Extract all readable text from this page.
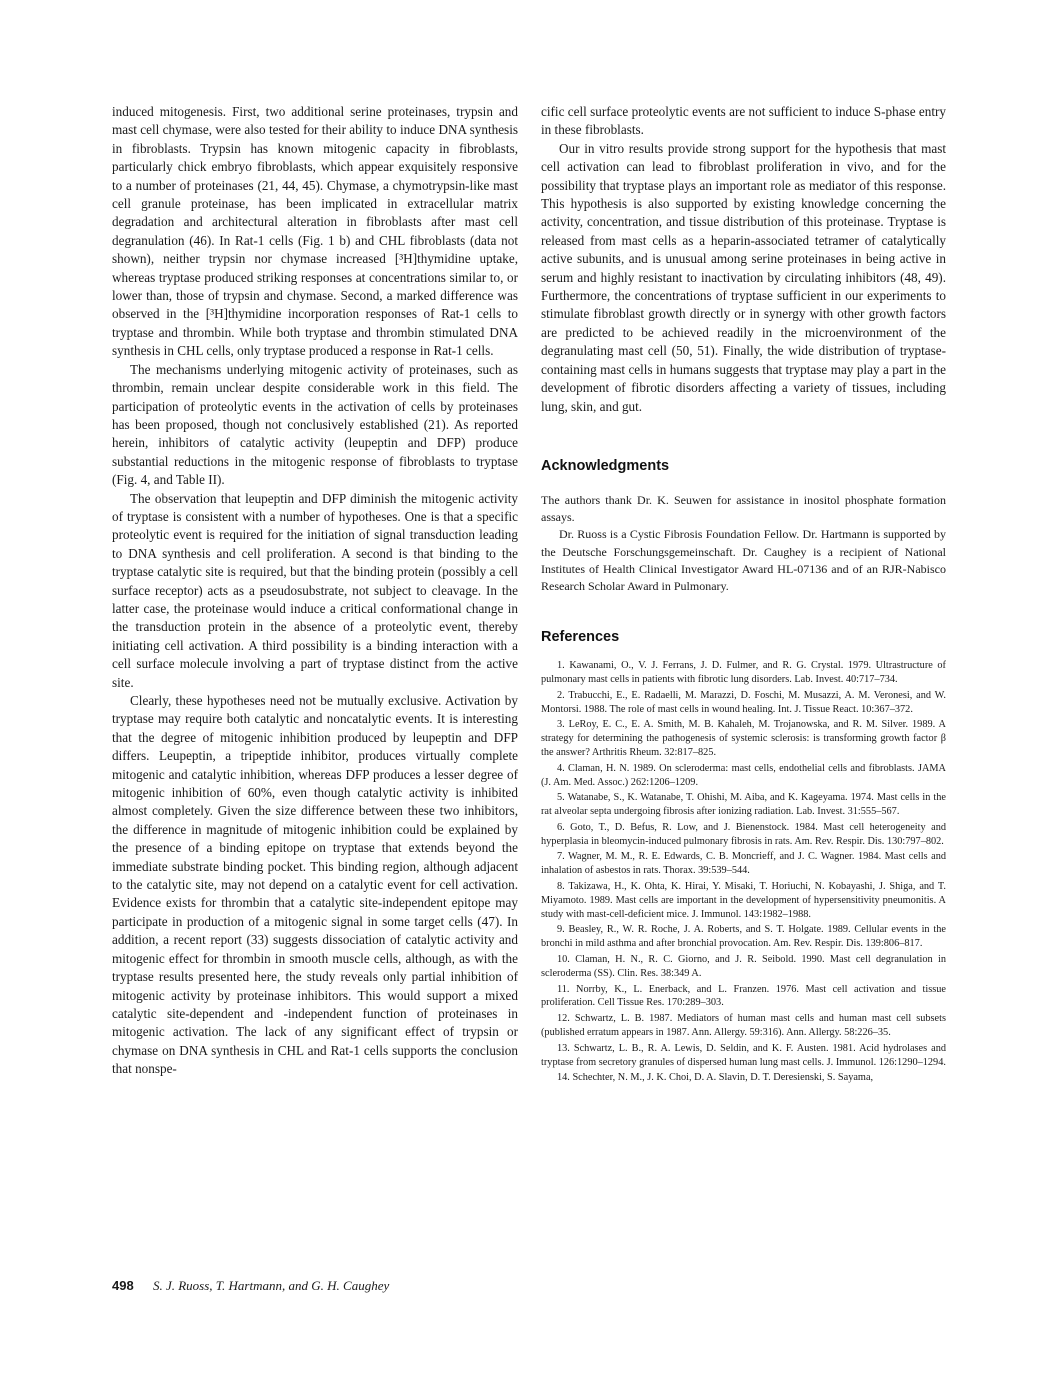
induced mitogenesis. First, two additional serine proteinases, trypsin and mast cell chymase, were also tested for their ability to induce DNA synthesis in fibroblasts. Trypsin has known mitogenic capacity in fibroblasts, particularly chick embryo fibroblasts, which appear exquisitely responsive to a number of proteinases (21, 44, 45). Chymase, a chymotrypsin-like mast cell granule proteinase, has been implicated in extracellular matrix degradation and architectural alteration in fibroblasts after mast cell degranulation (46). In Rat-1 cells (Fig. 1 b) and CHL fibroblasts (data not shown), neither trypsin nor chymase increased [³H]thymidine uptake, whereas tryptase produced striking responses at concentrations similar to, or lower than, those of trypsin and chymase. Second, a marked difference was observed in the [³H]thymidine incorporation responses of Rat-1 cells to tryptase and thrombin. While both tryptase and thrombin stimulated DNA synthesis in CHL cells, only tryptase produced a response in Rat-1 cells.

The mechanisms underlying mitogenic activity of proteinases, such as thrombin, remain unclear despite considerable work in this field. The participation of proteolytic events in the activation of cells by proteinases has been proposed, though not conclusively established (21). As reported herein, inhibitors of catalytic activity (leupeptin and DFP) produce substantial reductions in the mitogenic response of fibroblasts to tryptase (Fig. 4, and Table II).

The observation that leupeptin and DFP diminish the mitogenic activity of tryptase is consistent with a number of hypotheses. One is that a specific proteolytic event is required for the initiation of signal transduction leading to DNA synthesis and cell proliferation. A second is that binding to the tryptase catalytic site is required, but that the binding protein (possibly a cell surface receptor) acts as a pseudosubstrate, not subject to cleavage. In the latter case, the proteinase would induce a critical conformational change in the transduction protein in the absence of a proteolytic event, thereby initiating cell activation. A third possibility is a binding interaction with a cell surface molecule involving a part of tryptase distinct from the active site.

Clearly, these hypotheses need not be mutually exclusive. Activation by tryptase may require both catalytic and noncatalytic events. It is interesting that the degree of mitogenic inhibition produced by leupeptin and DFP differs. Leupeptin, a tripeptide inhibitor, produces virtually complete mitogenic and catalytic inhibition, whereas DFP produces a lesser degree of mitogenic inhibition of 60%, even though catalytic activity is inhibited almost completely. Given the size difference between these two inhibitors, the difference in magnitude of mitogenic inhibition could be explained by the presence of a binding epitope on tryptase that extends beyond the immediate substrate binding pocket. This binding region, although adjacent to the catalytic site, may not depend on a catalytic event for cell activation. Evidence exists for thrombin that a catalytic site-independent epitope may participate in production of a mitogenic signal in some target cells (47). In addition, a recent report (33) suggests dissociation of catalytic activity and mitogenic effect for thrombin in smooth muscle cells, although, as with the tryptase results presented here, the study reveals only partial inhibition of mitogenic activity by proteinase inhibitors. This would support a mixed catalytic site-dependent and -independent function of proteinases in mitogenic activation. The lack of any significant effect of trypsin or chymase on DNA synthesis in CHL and Rat-1 cells supports the conclusion that nonspe-

cific cell surface proteolytic events are not sufficient to induce S-phase entry in these fibroblasts.

Our in vitro results provide strong support for the hypothesis that mast cell activation can lead to fibroblast proliferation in vivo, and for the possibility that tryptase plays an important role as mediator of this response. This hypothesis is also supported by existing knowledge concerning the activity, concentration, and tissue distribution of this proteinase. Tryptase is released from mast cells as a heparin-associated tetramer of catalytically active subunits, and is unusual among serine proteinases in being active in serum and highly resistant to inactivation by circulating inhibitors (48, 49). Furthermore, the concentrations of tryptase sufficient in our experiments to stimulate fibroblast growth directly or in synergy with other growth factors are predicted to be achieved readily in the microenvironment of the degranulating mast cell (50, 51). Finally, the wide distribution of tryptase-containing mast cells in humans suggests that tryptase may play a part in the development of fibrotic disorders affecting a variety of tissues, including lung, skin, and gut.

Acknowledgments

The authors thank Dr. K. Seuwen for assistance in inositol phosphate formation assays.

Dr. Ruoss is a Cystic Fibrosis Foundation Fellow. Dr. Hartmann is supported by the Deutsche Forschungsgemeinschaft. Dr. Caughey is a recipient of National Institutes of Health Clinical Investigator Award HL-07136 and of an RJR-Nabisco Research Scholar Award in Pulmonary.

References

1. Kawanami, O., V. J. Ferrans, J. D. Fulmer, and R. G. Crystal. 1979. Ultrastructure of pulmonary mast cells in patients with fibrotic lung disorders. Lab. Invest. 40:717–734.

2. Trabucchi, E., E. Radaelli, M. Marazzi, D. Foschi, M. Musazzi, A. M. Veronesi, and W. Montorsi. 1988. The role of mast cells in wound healing. Int. J. Tissue React. 10:367–372.

3. LeRoy, E. C., E. A. Smith, M. B. Kahaleh, M. Trojanowska, and R. M. Silver. 1989. A strategy for determining the pathogenesis of systemic sclerosis: is transforming growth factor β the answer? Arthritis Rheum. 32:817–825.

4. Claman, H. N. 1989. On scleroderma: mast cells, endothelial cells and fibroblasts. JAMA (J. Am. Med. Assoc.) 262:1206–1209.

5. Watanabe, S., K. Watanabe, T. Ohishi, M. Aiba, and K. Kageyama. 1974. Mast cells in the rat alveolar septa undergoing fibrosis after ionizing radiation. Lab. Invest. 31:555–567.

6. Goto, T., D. Befus, R. Low, and J. Bienenstock. 1984. Mast cell heterogeneity and hyperplasia in bleomycin-induced pulmonary fibrosis in rats. Am. Rev. Respir. Dis. 130:797–802.

7. Wagner, M. M., R. E. Edwards, C. B. Moncrieff, and J. C. Wagner. 1984. Mast cells and inhalation of asbestos in rats. Thorax. 39:539–544.

8. Takizawa, H., K. Ohta, K. Hirai, Y. Misaki, T. Horiuchi, N. Kobayashi, J. Shiga, and T. Miyamoto. 1989. Mast cells are important in the development of hypersensitivity pneumonitis. A study with mast-cell-deficient mice. J. Immunol. 143:1982–1988.

9. Beasley, R., W. R. Roche, J. A. Roberts, and S. T. Holgate. 1989. Cellular events in the bronchi in mild asthma and after bronchial provocation. Am. Rev. Respir. Dis. 139:806–817.

10. Claman, H. N., R. C. Giorno, and J. R. Seibold. 1990. Mast cell degranulation in scleroderma (SS). Clin. Res. 38:349 A.

11. Norrby, K., L. Enerback, and L. Franzen. 1976. Mast cell activation and tissue proliferation. Cell Tissue Res. 170:289–303.

12. Schwartz, L. B. 1987. Mediators of human mast cells and human mast cell subsets (published erratum appears in 1987. Ann. Allergy. 59:316). Ann. Allergy. 58:226–35.

13. Schwartz, L. B., R. A. Lewis, D. Seldin, and K. F. Austen. 1981. Acid hydrolases and tryptase from secretory granules of dispersed human lung mast cells. J. Immunol. 126:1290–1294.

14. Schechter, N. M., J. K. Choi, D. A. Slavin, D. T. Deresienski, S. Sayama,

498 S. J. Ruoss, T. Hartmann, and G. H. Caughey
